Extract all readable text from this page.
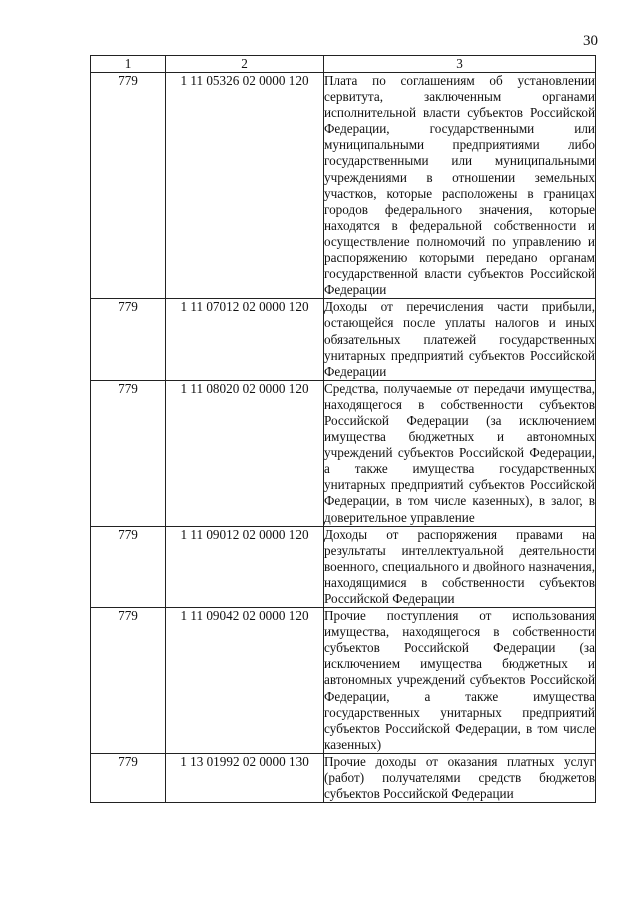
30
1	2	3
779	1 11 05326 02 0000 120	Плата по соглашениям об установлении сервитута, заключенным органами исполнительной власти субъектов Российской Федерации, государственными или муниципальными предприятиями либо государственными или муниципальными учреждениями в отношении земельных участков, которые расположены в границах городов федерального значения, которые находятся в федеральной собственности и осуществление полномочий по управлению и распоряжению которыми передано органам государственной власти субъектов Российской Федерации
779	1 11 07012 02 0000 120	Доходы от перечисления части прибыли, остающейся после уплаты налогов и иных обязательных платежей государственных унитарных предприятий субъектов Российской Федерации
779	1 11 08020 02 0000 120	Средства, получаемые от передачи имущества, находящегося в собственности субъектов Российской Федерации (за исключением имущества бюджетных и автономных учреждений субъектов Российской Федерации, а также имущества государственных унитарных предприятий субъектов Российской Федерации, в том числе казенных), в залог, в доверительное управление
779	1 11 09012 02 0000 120	Доходы от распоряжения правами на результаты интеллектуальной деятельности военного, специального и двойного назначения, находящимися в собственности субъектов Российской Федерации
779	1 11 09042 02 0000 120	Прочие поступления от использования имущества, находящегося в собственности субъектов Российской Федерации (за исключением имущества бюджетных и автономных учреждений субъектов Российской Федерации, а также имущества государственных унитарных предприятий субъектов Российской Федерации, в том числе казенных)
779	1 13 01992 02 0000 130	Прочие доходы от оказания платных услуг (работ) получателями средств бюджетов субъектов Российской Федерации
